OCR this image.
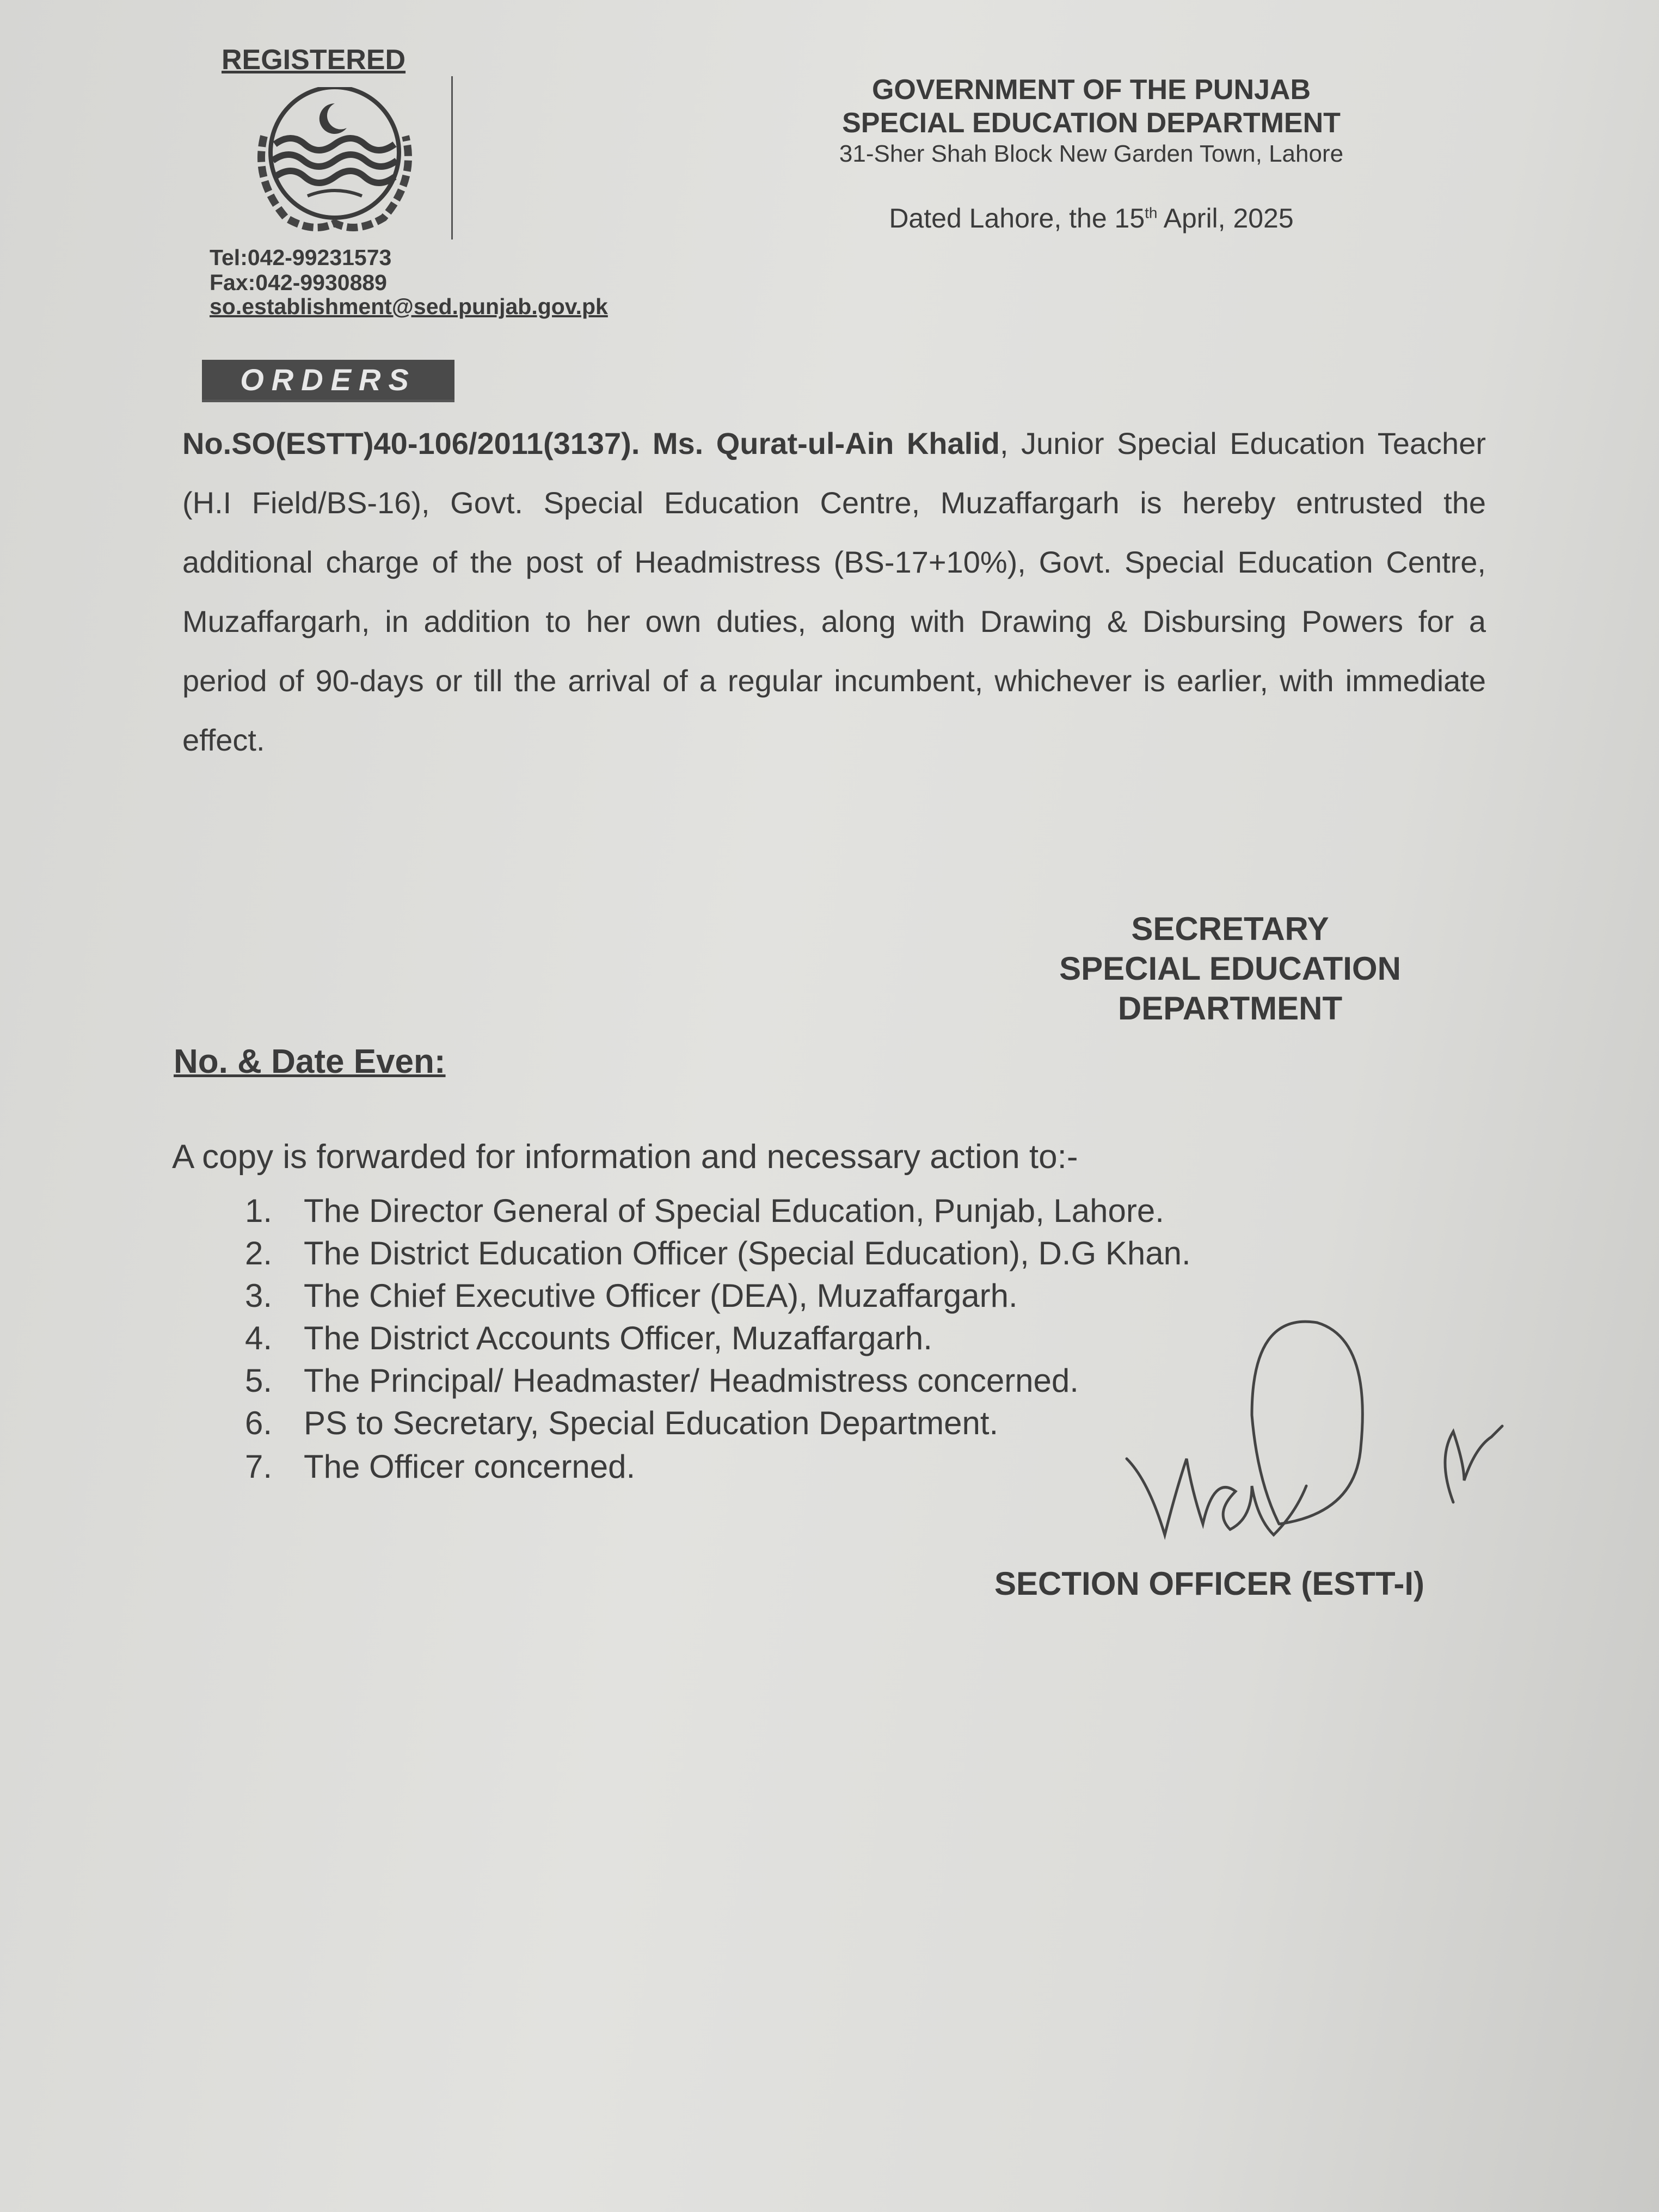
REGISTERED
Tel:042-99231573
Fax:042-9930889
so.establishment@sed.punjab.gov.pk
GOVERNMENT OF THE PUNJAB
SPECIAL EDUCATION DEPARTMENT
31-Sher Shah Block New Garden Town, Lahore
Dated Lahore, the 15th April, 2025
ORDERS
No.SO(ESTT)40-106/2011(3137). Ms. Qurat-ul-Ain Khalid, Junior Special Education Teacher (H.I Field/BS-16), Govt. Special Education Centre, Muzaffargarh is hereby entrusted the additional charge of the post of Headmistress (BS-17+10%), Govt. Special Education Centre, Muzaffargarh, in addition to her own duties, along with Drawing & Disbursing Powers for a period of 90-days or till the arrival of a regular incumbent, whichever is earlier, with immediate effect.
SECRETARY
SPECIAL EDUCATION
DEPARTMENT
No. & Date Even:
A copy is forwarded for information and necessary action to:-
1. The Director General of Special Education, Punjab, Lahore.
2. The District Education Officer (Special Education), D.G Khan.
3. The Chief Executive Officer (DEA), Muzaffargarh.
4. The District Accounts Officer, Muzaffargarh.
5. The Principal/ Headmaster/ Headmistress concerned.
6. PS to Secretary, Special Education Department.
7. The Officer concerned.
SECTION OFFICER (ESTT-I)
